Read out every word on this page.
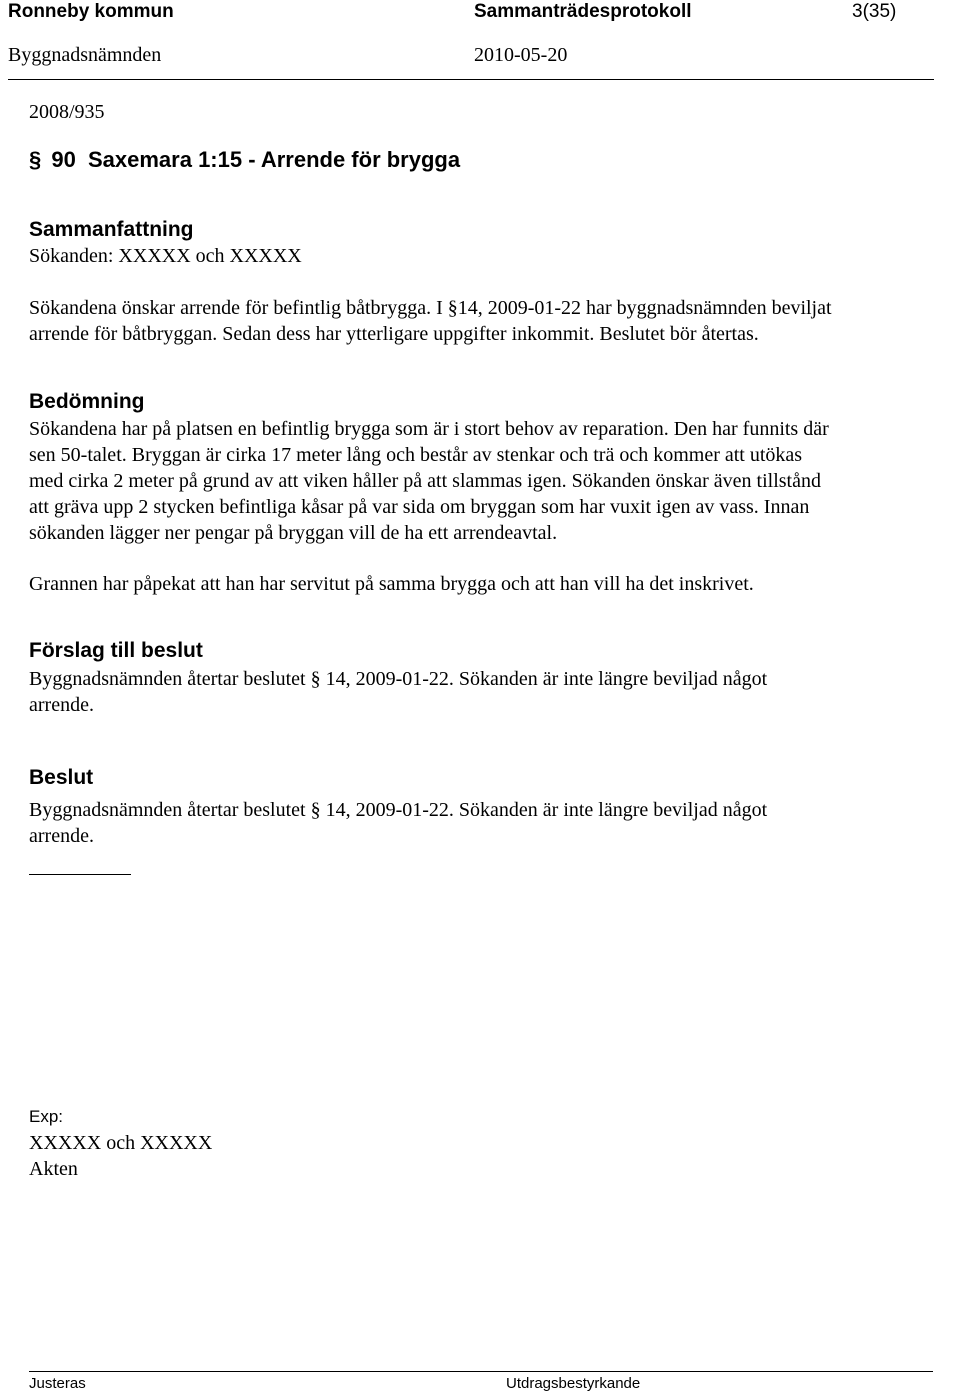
Ronneby kommun	Sammanträdesprotokoll	3(35)
Byggnadsnämnden	2010-05-20
2008/935
§ 90 Saxemara 1:15 - Arrende för brygga
Sammanfattning
Sökanden: XXXXX och XXXXX
Sökandena önskar arrende för befintlig båtbrygga. I §14, 2009-01-22 har byggnadsnämnden beviljat
arrende för båtbryggan. Sedan dess har ytterligare uppgifter inkommit. Beslutet bör återtas.
Bedömning
Sökandena har på platsen en befintlig brygga som är i stort behov av reparation. Den har funnits där
sen 50-talet. Bryggan är cirka 17 meter lång och består av stenkar och trä och kommer att utökas
med cirka 2 meter på grund av att viken håller på att slammas igen. Sökanden önskar även tillstånd
att gräva upp 2 stycken befintliga kåsar på var sida om bryggan som har vuxit igen av vass. Innan
sökanden lägger ner pengar på bryggan vill de ha ett arrendeavtal.
Grannen har påpekat att han har servitut på samma brygga och att han vill ha det inskrivet.
Förslag till beslut
Byggnadsnämnden återtar beslutet § 14, 2009-01-22. Sökanden är inte längre beviljad något
arrende.
Beslut
Byggnadsnämnden återtar beslutet § 14, 2009-01-22. Sökanden är inte längre beviljad något
arrende.
Exp:
XXXXX och XXXXX
Akten
Justeras	Utdragsbestyrkande
